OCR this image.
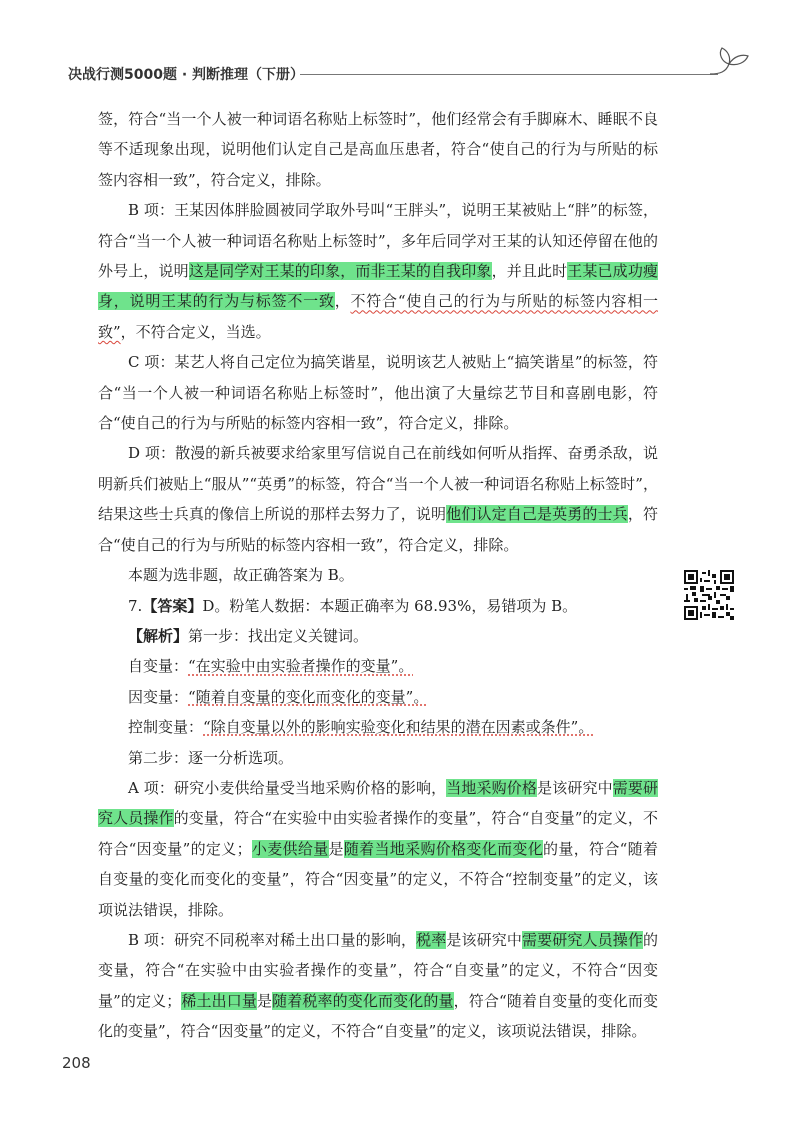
决战行测5000题 · 判断推理（下册）

签，符合“当一个人被一种词语名称贴上标签时”，他们经常会有手脚麻木、睡眠不良等不适现象出现，说明他们认定自己是高血压患者，符合“使自己的行为与所贴的标签内容相一致”，符合定义，排除。

B 项：王某因体胖脸圆被同学取外号叫“王胖头”，说明王某被贴上“胖”的标签，符合“当一个人被一种词语名称贴上标签时”，多年后同学对王某的认知还停留在他的外号上，说明这是同学对王某的印象，而非王某的自我印象，并且此时王某已成功瘦身，说明王某的行为与标签不一致，不符合“使自己的行为与所贴的标签内容相一致”，不符合定义，当选。

C 项：某艺人将自己定位为搞笑谐星，说明该艺人被贴上“搞笑谐星”的标签，符合“当一个人被一种词语名称贴上标签时”，他出演了大量综艺节目和喜剧电影，符合“使自己的行为与所贴的标签内容相一致”，符合定义，排除。

D 项：散漫的新兵被要求给家里写信说自己在前线如何听从指挥、奋勇杀敌，说明新兵们被贴上“服从”“英勇”的标签，符合“当一个人被一种词语名称贴上标签时”，结果这些士兵真的像信上所说的那样去努力了，说明他们认定自己是英勇的士兵，符合“使自己的行为与所贴的标签内容相一致”，符合定义，排除。

本题为选非题，故正确答案为 B。

7.【答案】D。粉笔人数据：本题正确率为 68.93%，易错项为 B。

【解析】第一步：找出定义关键词。

自变量：“在实验中由实验者操作的变量”。

因变量：“随着自变量的变化而变化的变量”。

控制变量：“除自变量以外的影响实验变化和结果的潜在因素或条件”。

第二步：逐一分析选项。

A 项：研究小麦供给量受当地采购价格的影响，当地采购价格是该研究中需要研究人员操作的变量，符合“在实验中由实验者操作的变量”，符合“自变量”的定义，不符合“因变量”的定义；小麦供给量是随着当地采购价格变化而变化的量，符合“随着自变量的变化而变化的变量”，符合“因变量”的定义，不符合“控制变量”的定义，该项说法错误，排除。

B 项：研究不同税率对稀土出口量的影响，税率是该研究中需要研究人员操作的变量，符合“在实验中由实验者操作的变量”，符合“自变量”的定义，不符合“因变量”的定义；稀土出口量是随着税率的变化而变化的量，符合“随着自变量的变化而变化的变量”，符合“因变量”的定义，不符合“自变量”的定义，该项说法错误，排除。

208
